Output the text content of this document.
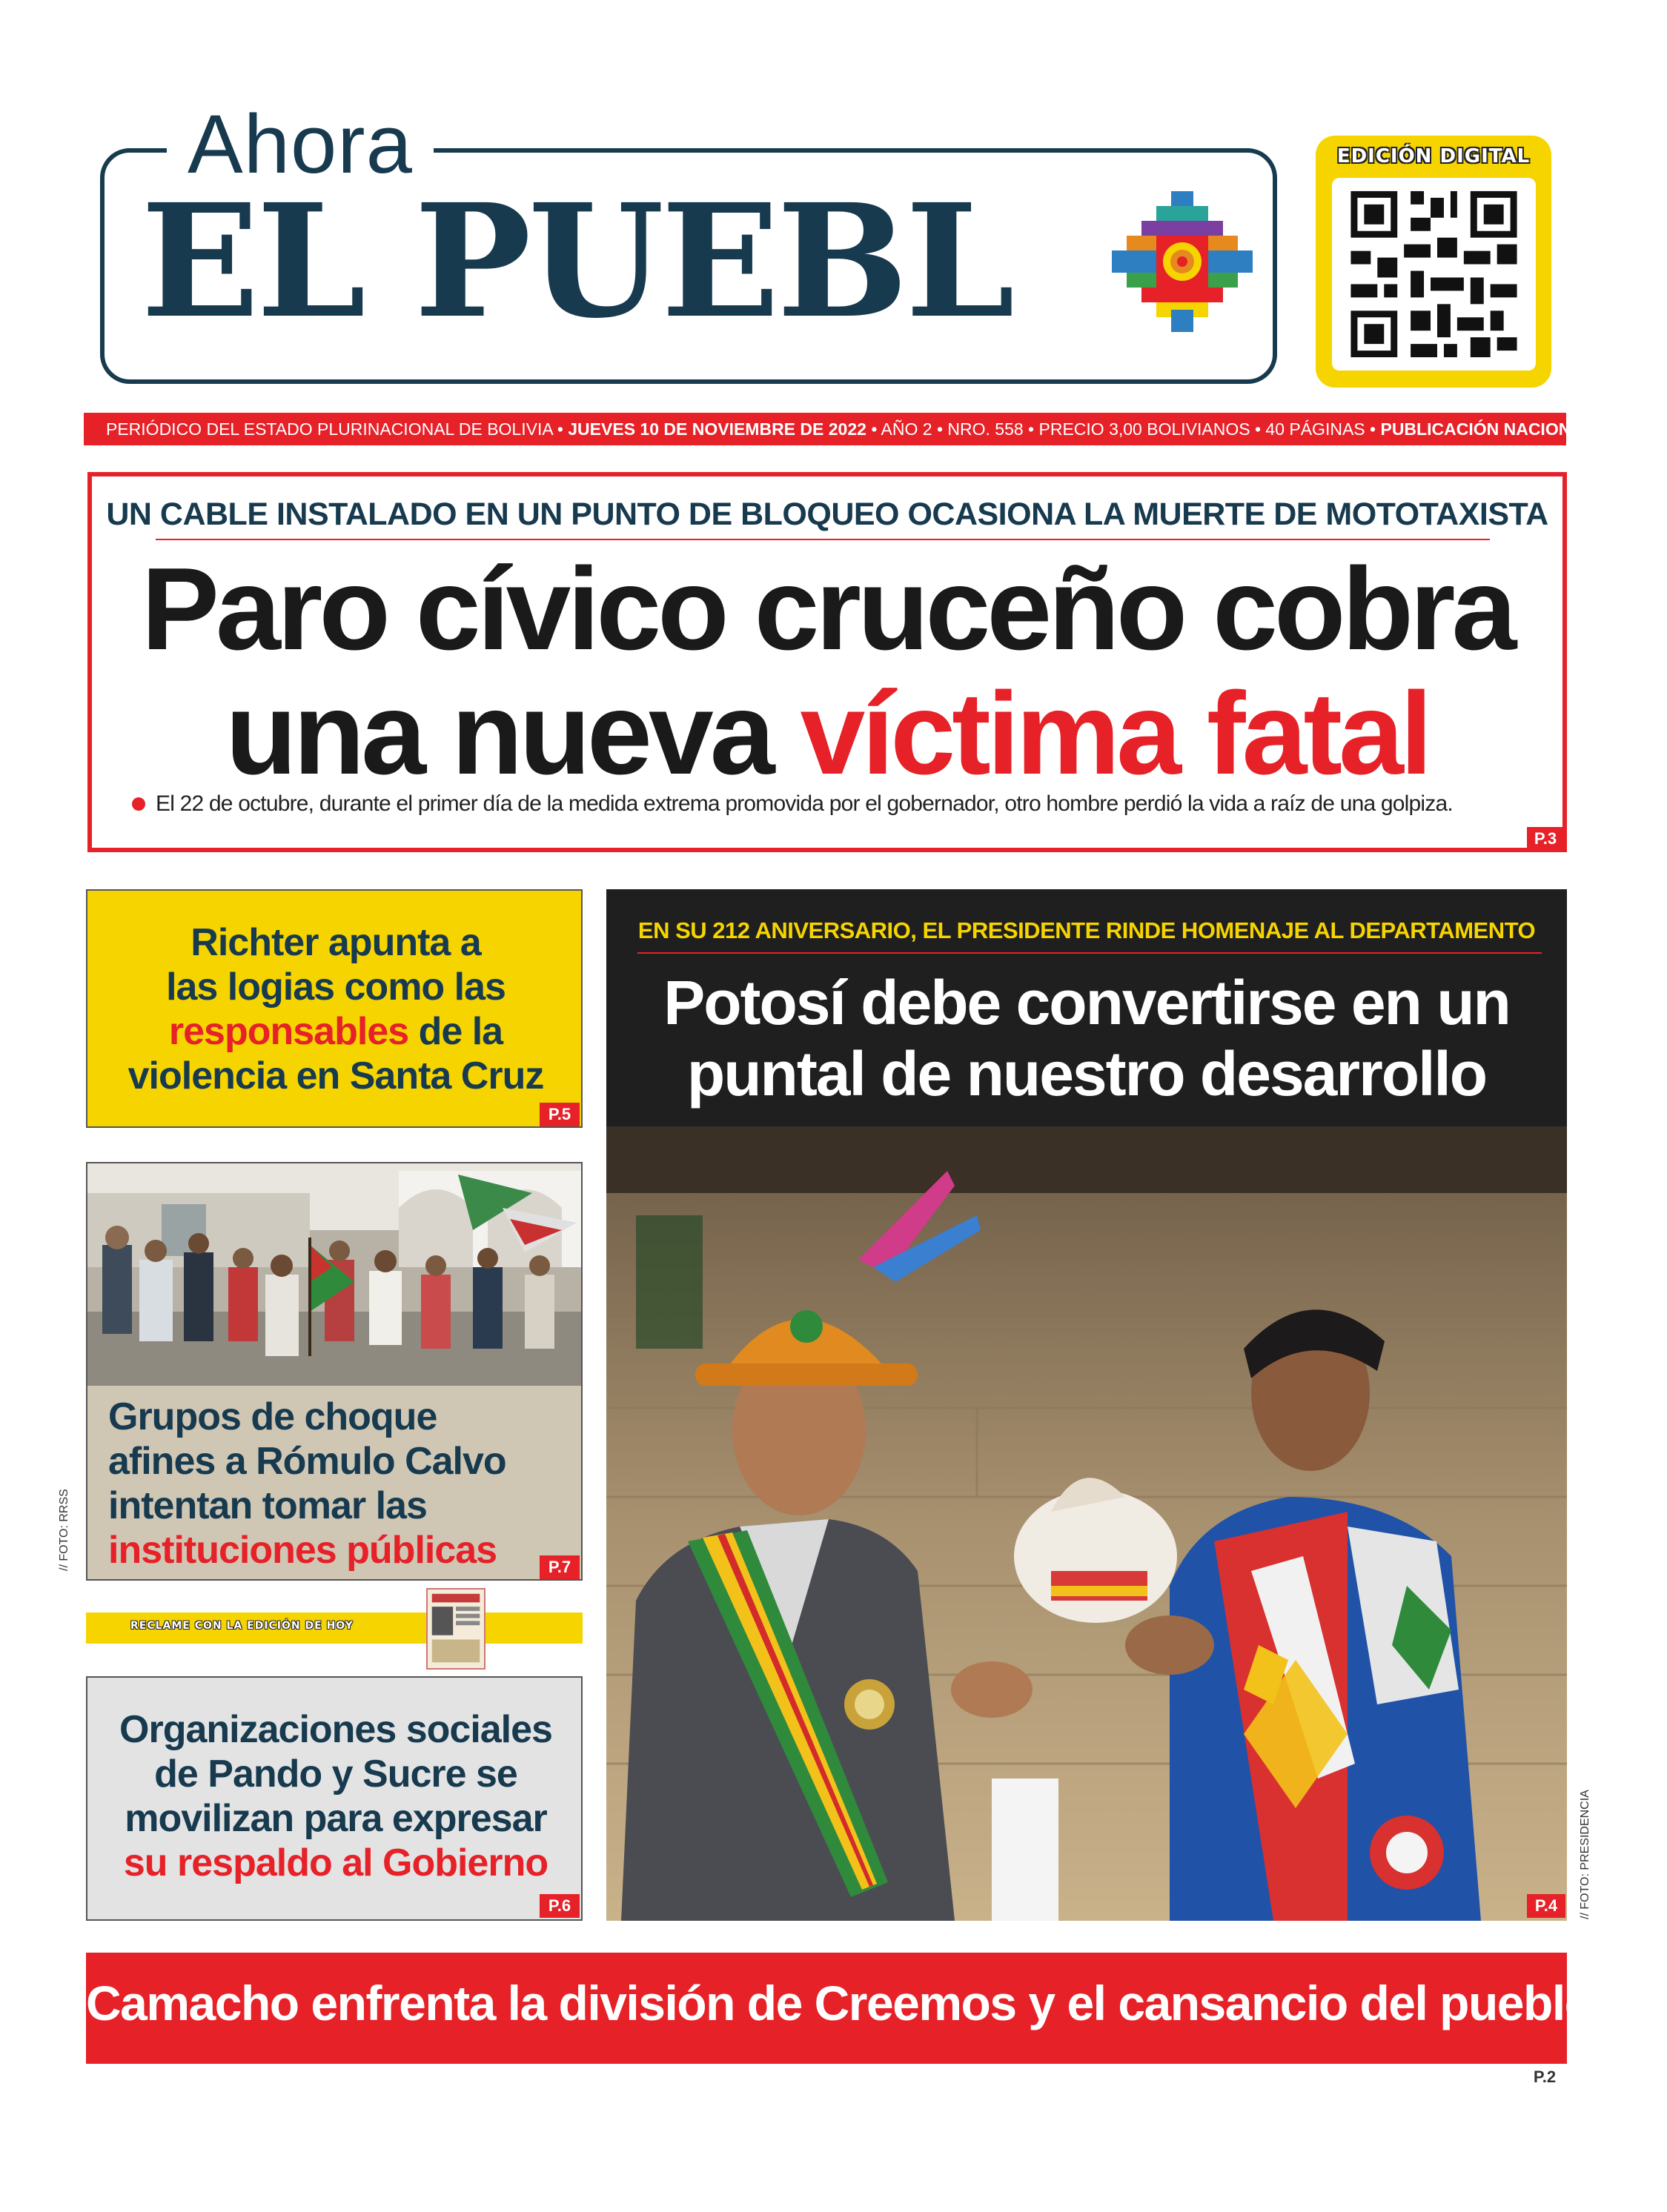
Ahora
EL PUEBL
EDICIÓN DIGITAL
PERIÓDICO DEL ESTADO PLURINACIONAL DE BOLIVIA • JUEVES 10 DE NOVIEMBRE DE 2022 • AÑO 2 • NRO. 558 • PRECIO 3,00 BOLIVIANOS • 40 PÁGINAS • PUBLICACIÓN NACIONAL
UN CABLE INSTALADO EN UN PUNTO DE BLOQUEO OCASIONA LA MUERTE DE MOTOTAXISTA
Paro cívico cruceño cobra
una nueva víctima fatal
El 22 de octubre, durante el primer día de la medida extrema promovida por el gobernador, otro hombre perdió la vida a raíz de una golpiza.
P.3
Richter apunta a
las logias como las
responsables de la
violencia en Santa Cruz
P.5
Grupos de choque
afines a Rómulo Calvo
intentan tomar las
instituciones públicas	P.7
// FOTO: RRSS
RECLAME CON LA EDICIÓN DE HOY
Organizaciones sociales
de Pando y Sucre se
movilizan para expresar
su respaldo al Gobierno
P.6
EN SU 212 ANIVERSARIO, EL PRESIDENTE RINDE HOMENAJE AL DEPARTAMENTO
Potosí debe convertirse en un
puntal de nuestro desarrollo
P.4	// FOTO: PRESIDENCIA
Camacho enfrenta la división de Creemos y el cansancio del pueblo
P.2
